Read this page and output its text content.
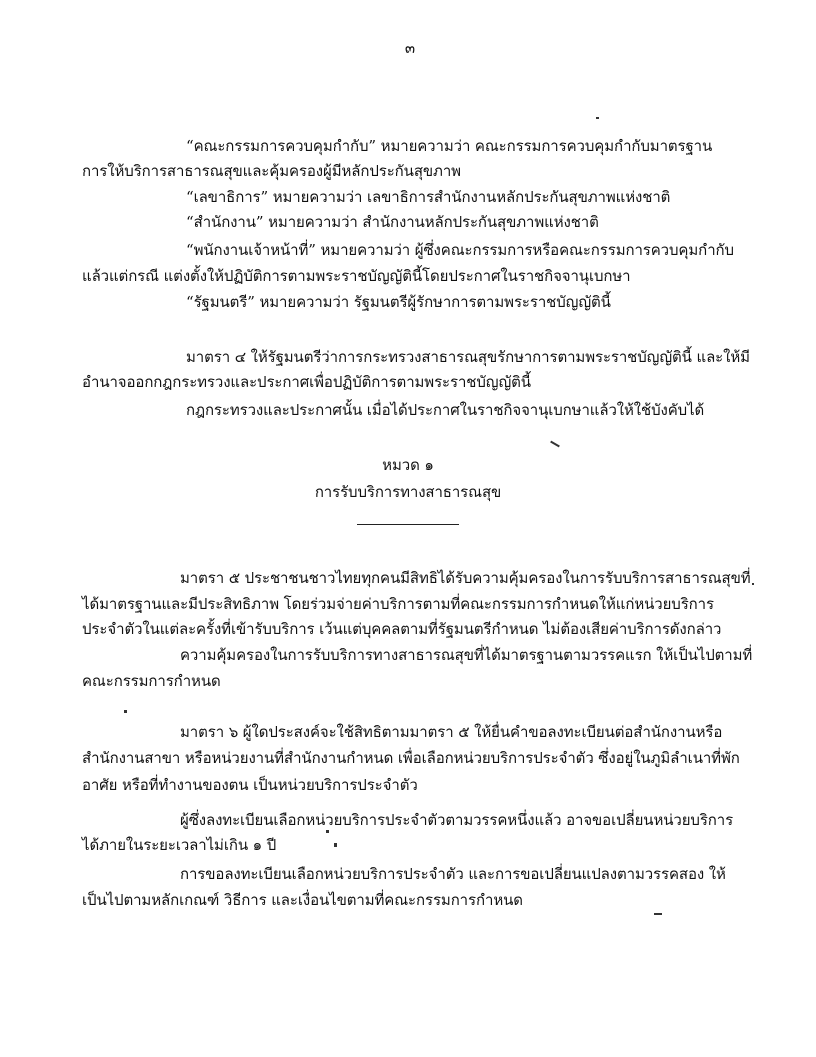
๓
“คณะกรรมการควบคุมกำกับ” หมายความว่า คณะกรรมการควบคุมกำกับมาตรฐาน
การให้บริการสาธารณสุขและคุ้มครองผู้มีหลักประกันสุขภาพ
“เลขาธิการ” หมายความว่า เลขาธิการสำนักงานหลักประกันสุขภาพแห่งชาติ
“สำนักงาน” หมายความว่า สำนักงานหลักประกันสุขภาพแห่งชาติ
“พนักงานเจ้าหน้าที่” หมายความว่า ผู้ซึ่งคณะกรรมการหรือคณะกรรมการควบคุมกำกับ
แล้วแต่กรณี แต่งตั้งให้ปฏิบัติการตามพระราชบัญญัตินี้โดยประกาศในราชกิจจานุเบกษา
“รัฐมนตรี” หมายความว่า รัฐมนตรีผู้รักษาการตามพระราชบัญญัตินี้
มาตรา ๔ ให้รัฐมนตรีว่าการกระทรวงสาธารณสุขรักษาการตามพระราชบัญญัตินี้ และให้มี
อำนาจออกกฎกระทรวงและประกาศเพื่อปฏิบัติการตามพระราชบัญญัตินี้
กฎกระทรวงและประกาศนั้น เมื่อได้ประกาศในราชกิจจานุเบกษาแล้วให้ใช้บังคับได้
หมวด ๑
การรับบริการทางสาธารณสุข
มาตรา ๕ ประชาชนชาวไทยทุกคนมีสิทธิได้รับความคุ้มครองในการรับบริการสาธารณสุขที่
ได้มาตรฐานและมีประสิทธิภาพ โดยร่วมจ่ายค่าบริการตามที่คณะกรรมการกำหนดให้แก่หน่วยบริการ
ประจำตัวในแต่ละครั้งที่เข้ารับบริการ เว้นแต่บุคคลตามที่รัฐมนตรีกำหนด ไม่ต้องเสียค่าบริการดังกล่าว
ความคุ้มครองในการรับบริการทางสาธารณสุขที่ได้มาตรฐานตามวรรคแรก ให้เป็นไปตามที่
คณะกรรมการกำหนด
มาตรา ๖ ผู้ใดประสงค์จะใช้สิทธิตามมาตรา ๕ ให้ยื่นคำขอลงทะเบียนต่อสำนักงานหรือ
สำนักงานสาขา หรือหน่วยงานที่สำนักงานกำหนด เพื่อเลือกหน่วยบริการประจำตัว ซึ่งอยู่ในภูมิลำเนาที่พัก
อาศัย หรือที่ทำงานของตน เป็นหน่วยบริการประจำตัว
ผู้ซึ่งลงทะเบียนเลือกหน่วยบริการประจำตัวตามวรรคหนึ่งแล้ว อาจขอเปลี่ยนหน่วยบริการ
ได้ภายในระยะเวลาไม่เกิน ๑ ปี
การขอลงทะเบียนเลือกหน่วยบริการประจำตัว และการขอเปลี่ยนแปลงตามวรรคสอง ให้
เป็นไปตามหลักเกณฑ์ วิธีการ และเงื่อนไขตามที่คณะกรรมการกำหนด
